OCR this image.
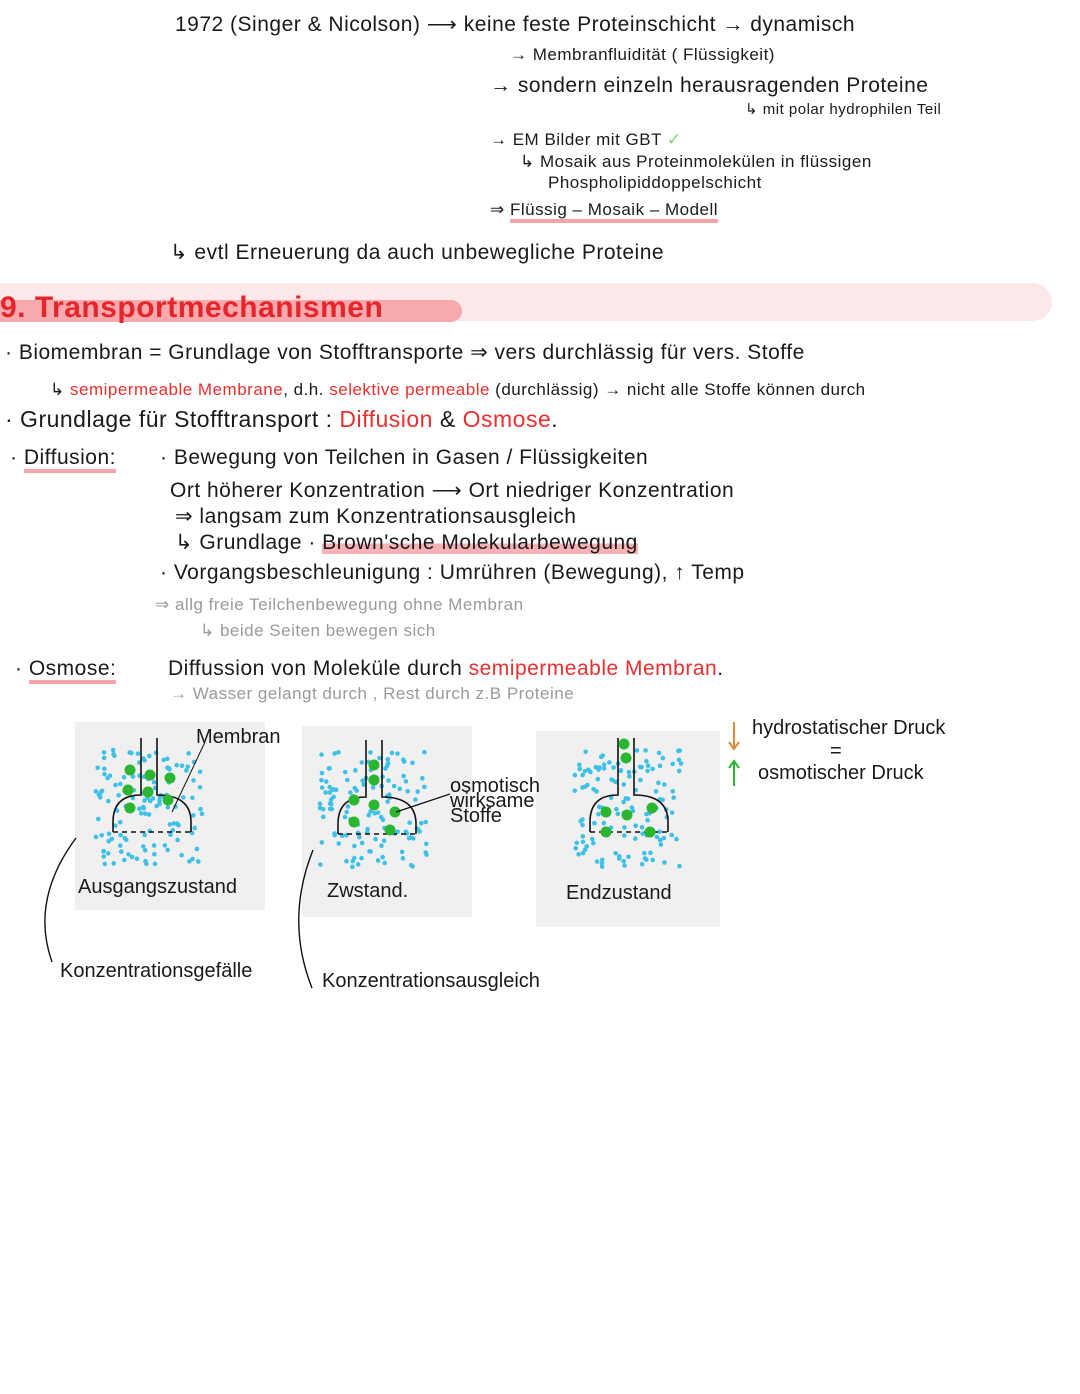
1972 (Singer & Nicolson) ⟶ keine feste Proteinschicht → dynamisch
→ Membranfluidität ( Flüssigkeit)
→ sondern einzeln herausragenden Proteine
↳ mit polar hydrophilen Teil
→ EM Bilder mit GBT ✓
↳ Mosaik aus Proteinmolekülen in flüssigen
Phospholipiddoppelschicht
⇒ Flüssig – Mosaik – Modell
↳ evtl Erneuerung da auch unbewegliche Proteine
9. Transportmechanismen
· Biomembran = Grundlage von Stofftransporte ⇒ vers durchlässig für vers. Stoffe
↳ semipermeable Membrane, d.h. selektive permeable (durchlässig) → nicht alle Stoffe können durch
· Grundlage für Stofftransport : Diffusion & Osmose.
· Diffusion: · Bewegung von Teilchen in Gasen / Flüssigkeiten
Ort höherer Konzentration ⟶ Ort niedriger Konzentration
⇒ langsam zum Konzentrationsausgleich
↳ Grundlage · Brown'sche Molekularbewegung
· Vorgangsbeschleunigung : Umrühren (Bewegung), ↑ Temp
⇒ allg freie Teilchenbewegung ohne Membran
↳ beide Seiten bewegen sich
· Osmose: Diffussion von Moleküle durch semipermeable Membran.
→ Wasser gelangt durch , Rest durch z.B Proteine
Ausgangszustand	Zwstand.	Endzustand
Membran
osmotisch
wirksame
Stoffe
hydrostatischer Druck
=
osmotischer Druck
Konzentrationsgefälle	Konzentrationsausgleich
